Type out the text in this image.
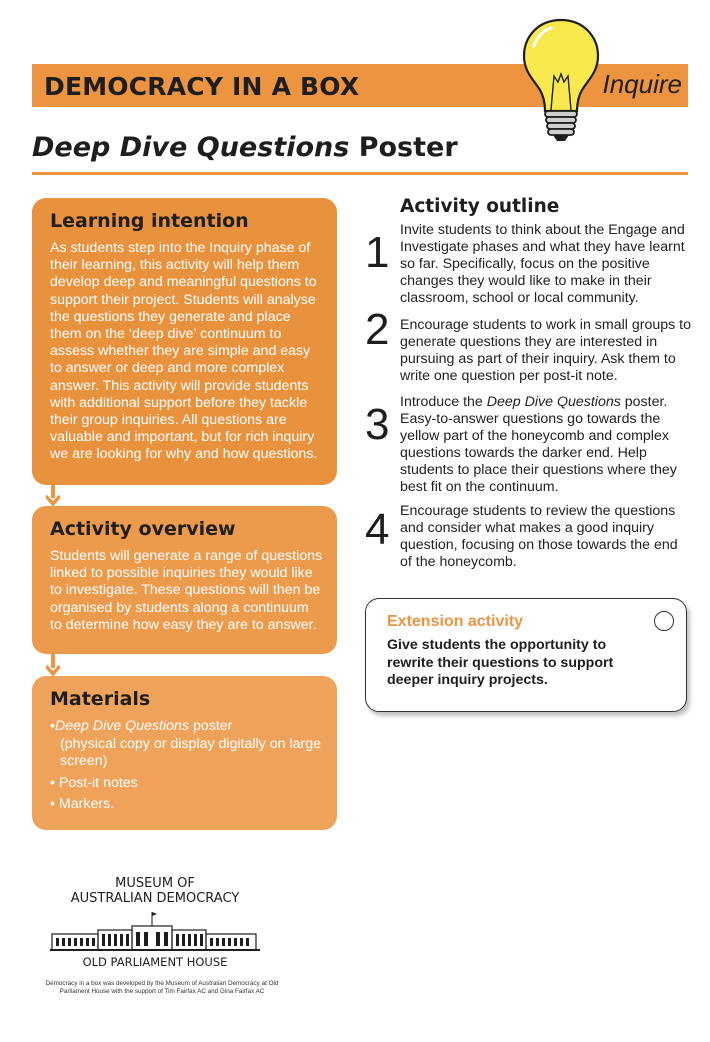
DEMOCRACY IN A BOX	Inquire
Deep Dive Questions Poster
Learning intention

As students step into the Inquiry phase of their learning, this activity will help them develop deep and meaningful questions to support their project. Students will analyse the questions they generate and place them on the ‘deep dive’ continuum to assess whether they are simple and easy to answer or deep and more complex answer. This activity will provide students with additional support before they tackle their group inquiries. All questions are valuable and important, but for rich inquiry we are looking for why and how questions.

Activity overview

Students will generate a range of questions linked to possible inquiries they would like to investigate. These questions will then be organised by students along a continuum to determine how easy they are to answer.

Materials
•Deep Dive Questions poster
(physical copy or display digitally on large screen)
• Post-it notes
• Markers.
Activity outline
1 Invite students to think about the Engage and Investigate phases and what they have learnt so far. Specifically, focus on the positive changes they would like to make in their classroom, school or local community.
2 Encourage students to work in small groups to generate questions they are interested in pursuing as part of their inquiry. Ask them to write one question per post-it note.
3 Introduce the Deep Dive Questions poster. Easy-to-answer questions go towards the yellow part of the honeycomb and complex questions towards the darker end. Help students to place their questions where they best fit on the continuum.
4 Encourage students to review the questions and consider what makes a good inquiry question, focusing on those towards the end of the honeycomb.
Extension activity
Give students the opportunity to rewrite their questions to support deeper inquiry projects.
MUSEUM OF
AUSTRALIAN DEMOCRACY
OLD PARLIAMENT HOUSE
Democracy in a box was developed by the Museum of Australian Democracy at Old Parliament House with the support of Tim Fairfax AC and Gina Fairfax AC
